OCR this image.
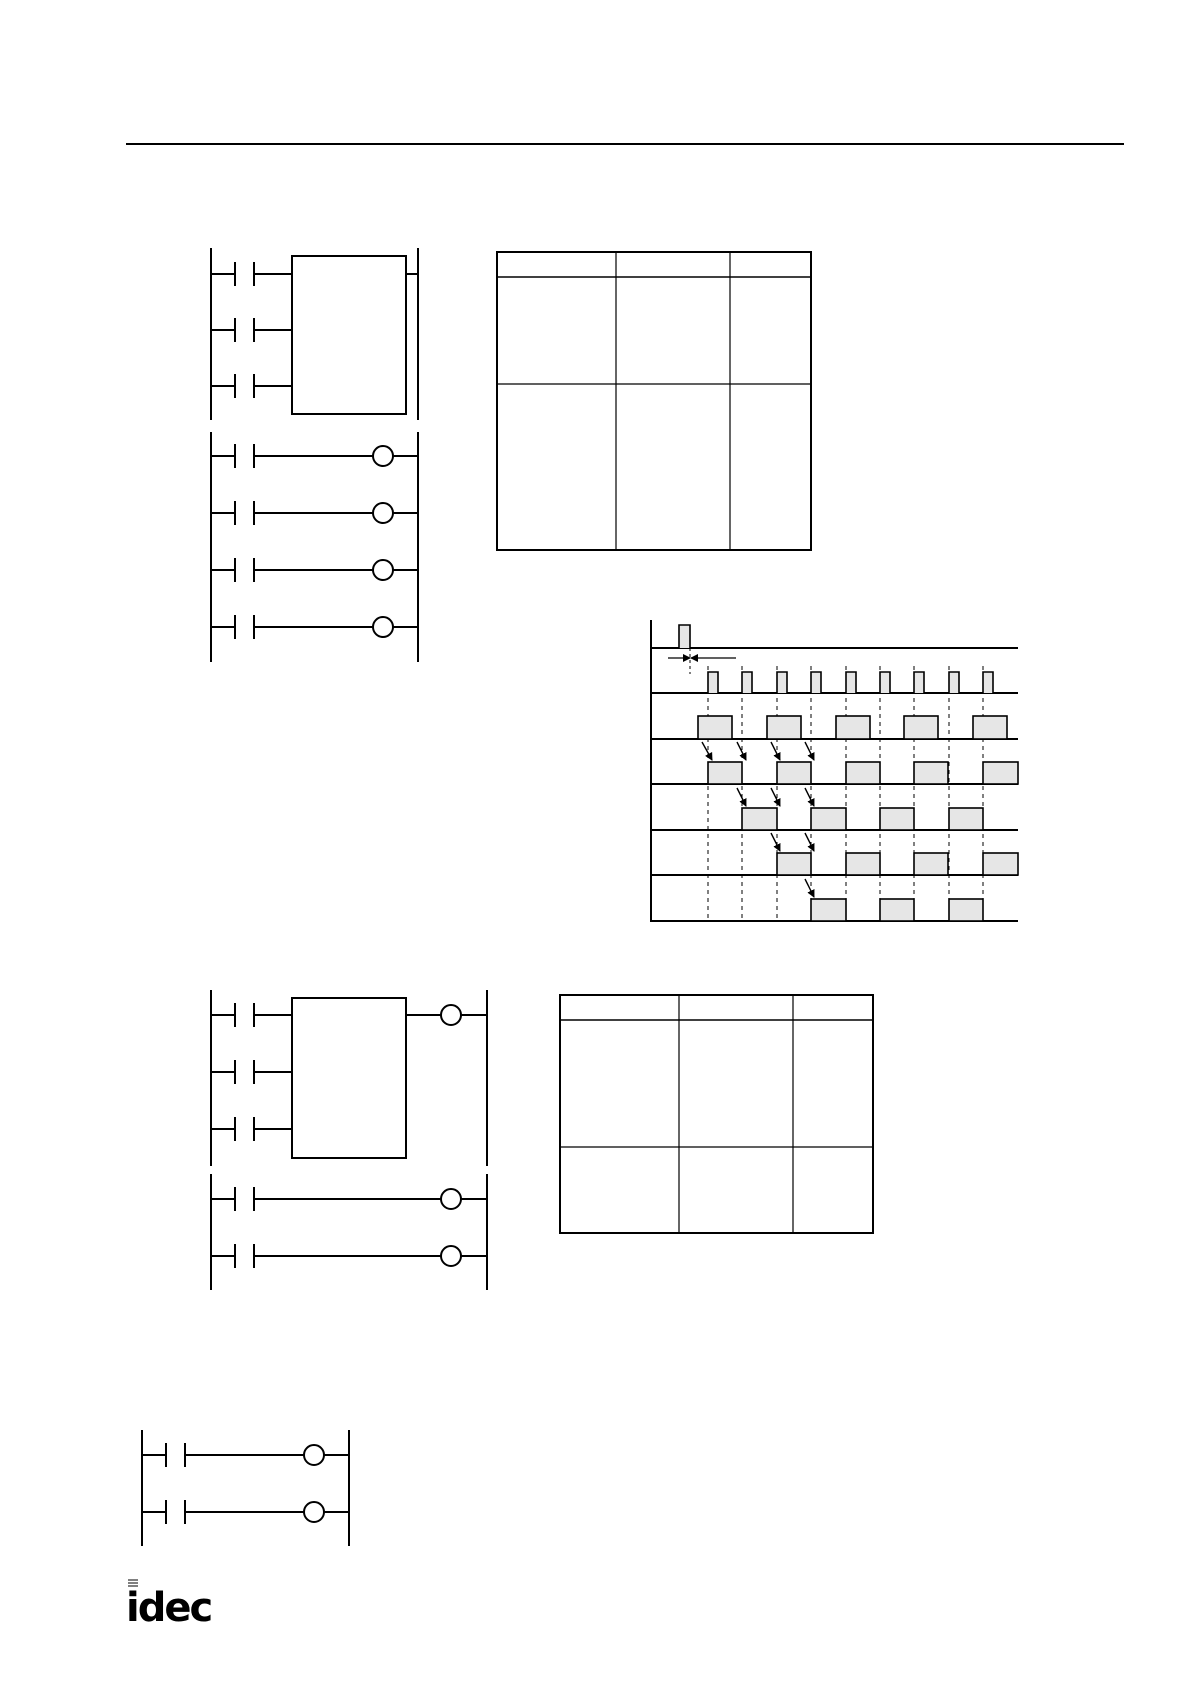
idec
